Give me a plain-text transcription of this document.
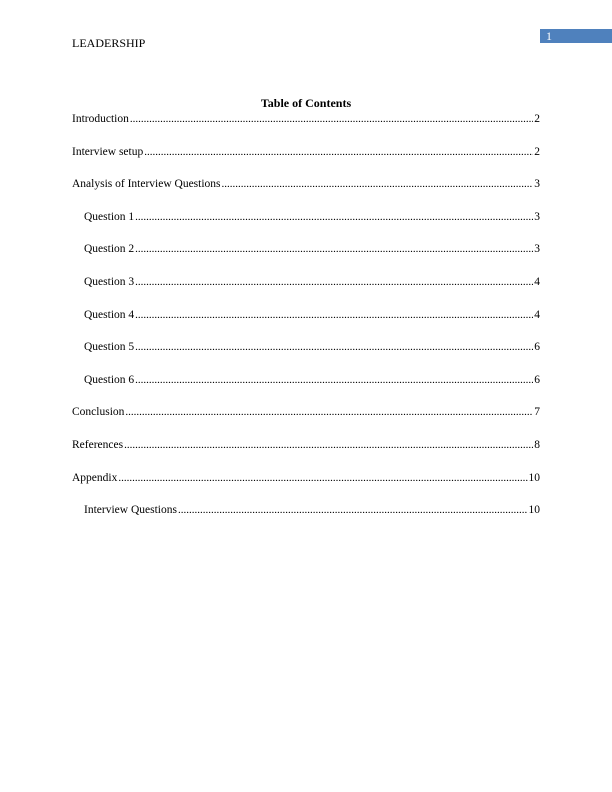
LEADERSHIP	1
Table of Contents
Introduction .....	2
Interview setup .....	2
Analysis of Interview Questions .....	3
Question 1 .....	3
Question 2 .....	3
Question 3 .....	4
Question 4 .....	4
Question 5 .....	6
Question 6 .....	6
Conclusion .....	7
References .....	8
Appendix .....	10
Interview Questions .....	10
